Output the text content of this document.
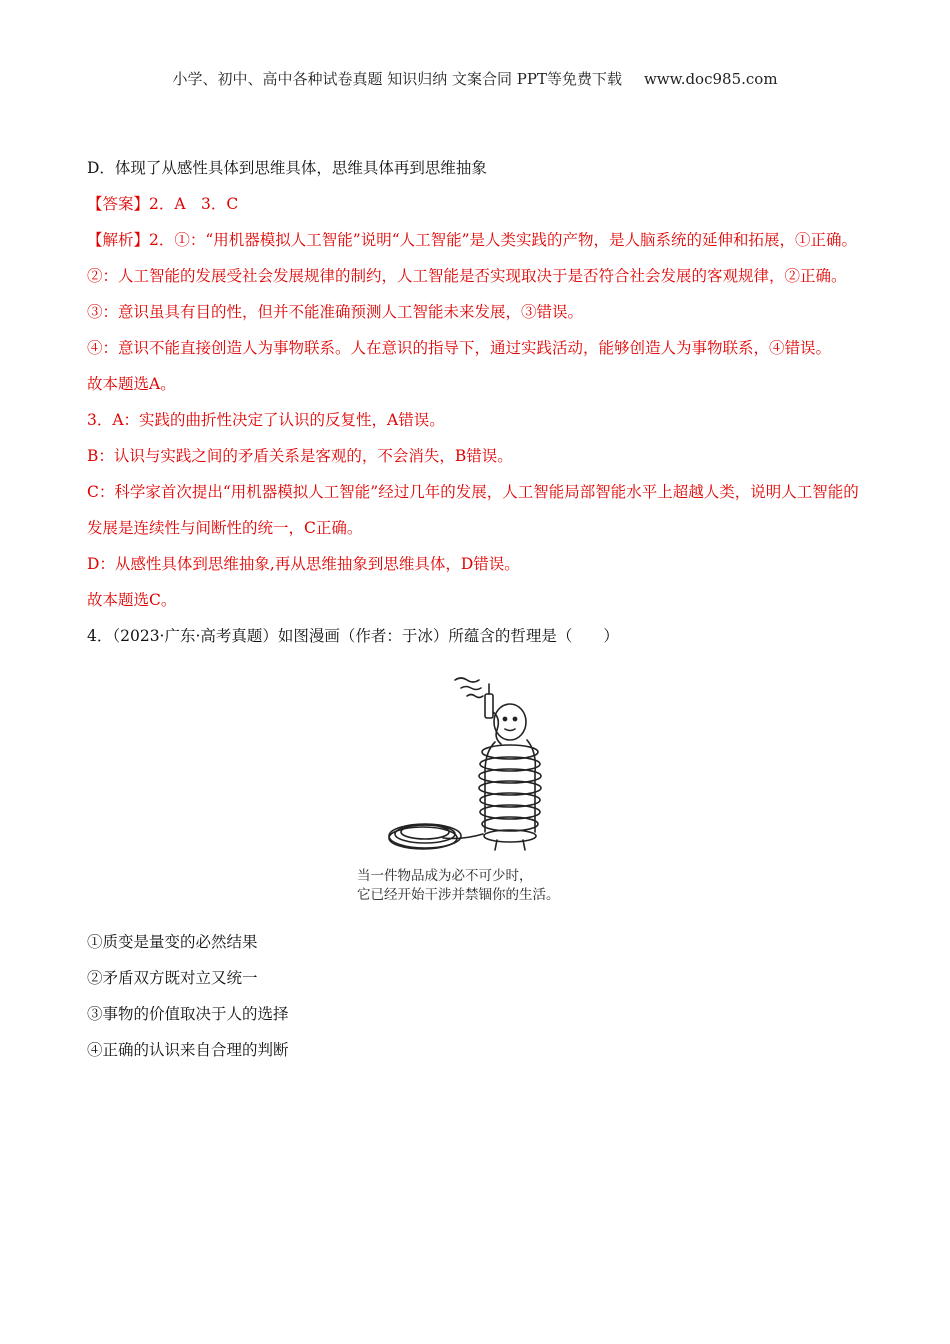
小学、初中、高中各种试卷真题 知识归纳 文案合同 PPT等免费下载 www.doc985.com

D．体现了从感性具体到思维具体，思维具体再到思维抽象

【答案】2．A　3．C

【解析】2．①：“用机器模拟人工智能”说明“人工智能”是人类实践的产物，是人脑系统的延伸和拓展，①正确。

②：人工智能的发展受社会发展规律的制约，人工智能是否实现取决于是否符合社会发展的客观规律，②正确。

③：意识虽具有目的性，但并不能准确预测人工智能未来发展，③错误。

④：意识不能直接创造人为事物联系。人在意识的指导下，通过实践活动，能够创造人为事物联系，④错误。

故本题选A。

3．A：实践的曲折性决定了认识的反复性，A错误。

B：认识与实践之间的矛盾关系是客观的，不会消失，B错误。

C：科学家首次提出“用机器模拟人工智能”经过几年的发展，人工智能局部智能水平上超越人类，说明人工智能的发展是连续性与间断性的统一，C正确。

D：从感性具体到思维抽象,再从思维抽象到思维具体，D错误。

故本题选C。

4．（2023·广东·高考真题）如图漫画（作者：于冰）所蕴含的哲理是（　　）

当一件物品成为必不可少时，
它已经开始干涉并禁锢你的生活。

①质变是量变的必然结果

②矛盾双方既对立又统一

③事物的价值取决于人的选择

④正确的认识来自合理的判断
